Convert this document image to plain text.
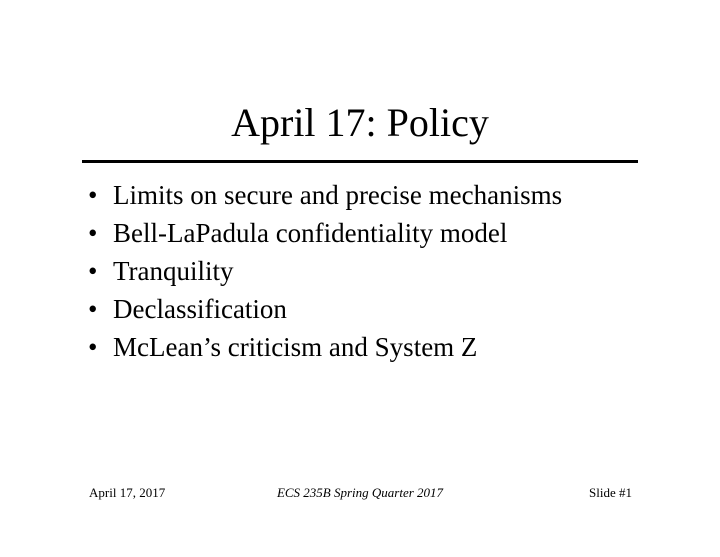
April 17: Policy
• Limits on secure and precise mechanisms
• Bell-LaPadula confidentiality model
• Tranquility
• Declassification
• McLean’s criticism and System Z
April 17, 2017	ECS 235B Spring Quarter 2017	Slide #1
